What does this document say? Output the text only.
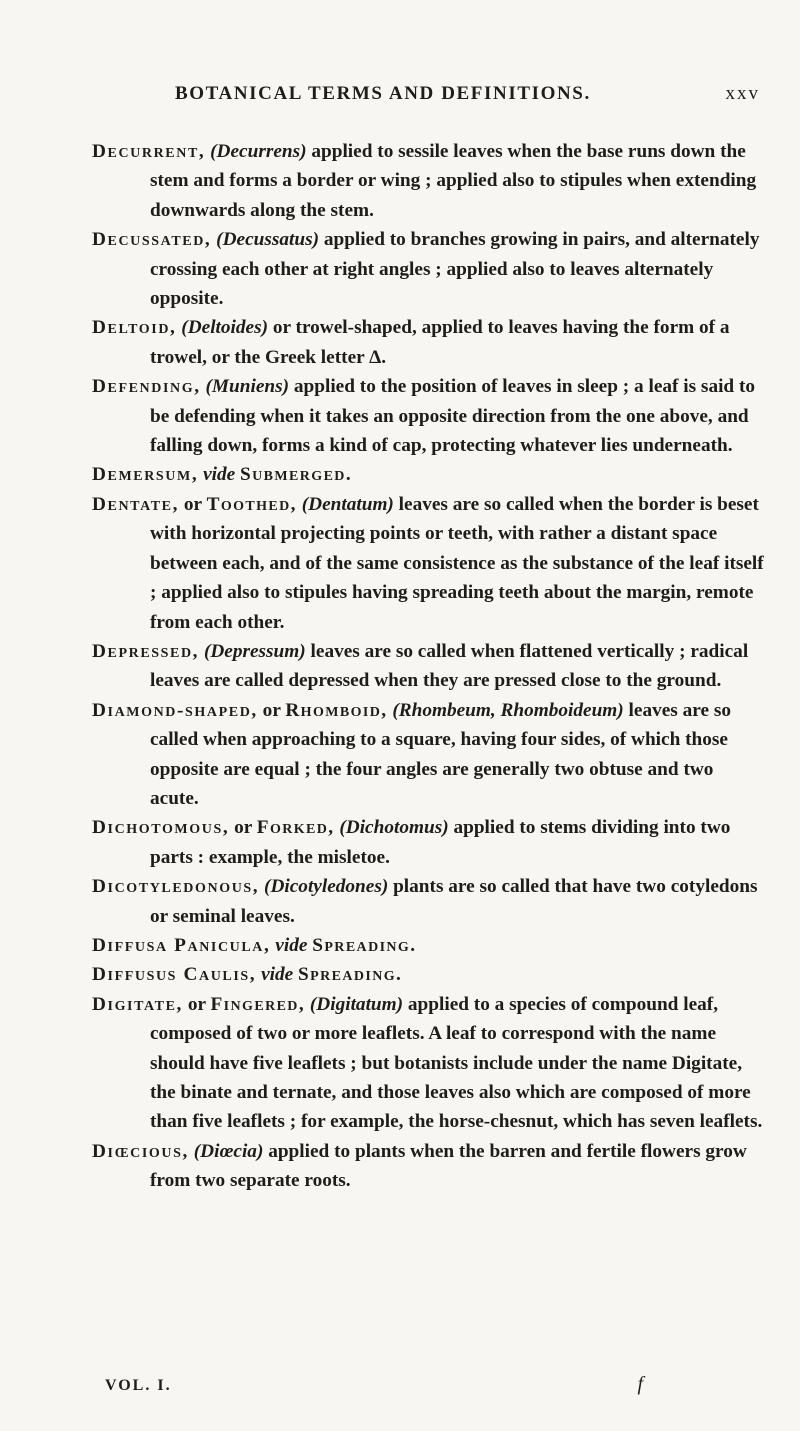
BOTANICAL TERMS AND DEFINITIONS.	xxv

Decurrent, (Decurrens) applied to sessile leaves when the base runs down the stem and forms a border or wing ; applied also to stipules when extending downwards along the stem.

Decussated, (Decussatus) applied to branches growing in pairs, and alternately crossing each other at right angles ; applied also to leaves alternately opposite.

Deltoid, (Deltoides) or trowel-shaped, applied to leaves having the form of a trowel, or the Greek letter Δ.

Defending, (Muniens) applied to the position of leaves in sleep ; a leaf is said to be defending when it takes an opposite direction from the one above, and falling down, forms a kind of cap, protecting whatever lies underneath.

Demersum, vide Submerged.

Dentate, or Toothed, (Dentatum) leaves are so called when the border is beset with horizontal projecting points or teeth, with rather a distant space between each, and of the same consistence as the substance of the leaf itself ; applied also to stipules having spreading teeth about the margin, remote from each other.

Depressed, (Depressum) leaves are so called when flattened vertically ; radical leaves are called depressed when they are pressed close to the ground.

Diamond-shaped, or Rhomboid, (Rhombeum, Rhomboideum) leaves are so called when approaching to a square, having four sides, of which those opposite are equal ; the four angles are generally two obtuse and two acute.

Dichotomous, or Forked, (Dichotomus) applied to stems dividing into two parts : example, the misletoe.

Dicotyledonous, (Dicotyledones) plants are so called that have two cotyledons or seminal leaves.

Diffusa Panicula, vide Spreading.

Diffusus Caulis, vide Spreading.

Digitate, or Fingered, (Digitatum) applied to a species of compound leaf, composed of two or more leaflets. A leaf to correspond with the name should have five leaflets ; but botanists include under the name Digitate, the binate and ternate, and those leaves also which are composed of more than five leaflets ; for example, the horse-chesnut, which has seven leaflets.

Diœcious, (Diœcia) applied to plants when the barren and fertile flowers grow from two separate roots.

VOL. I.	f
